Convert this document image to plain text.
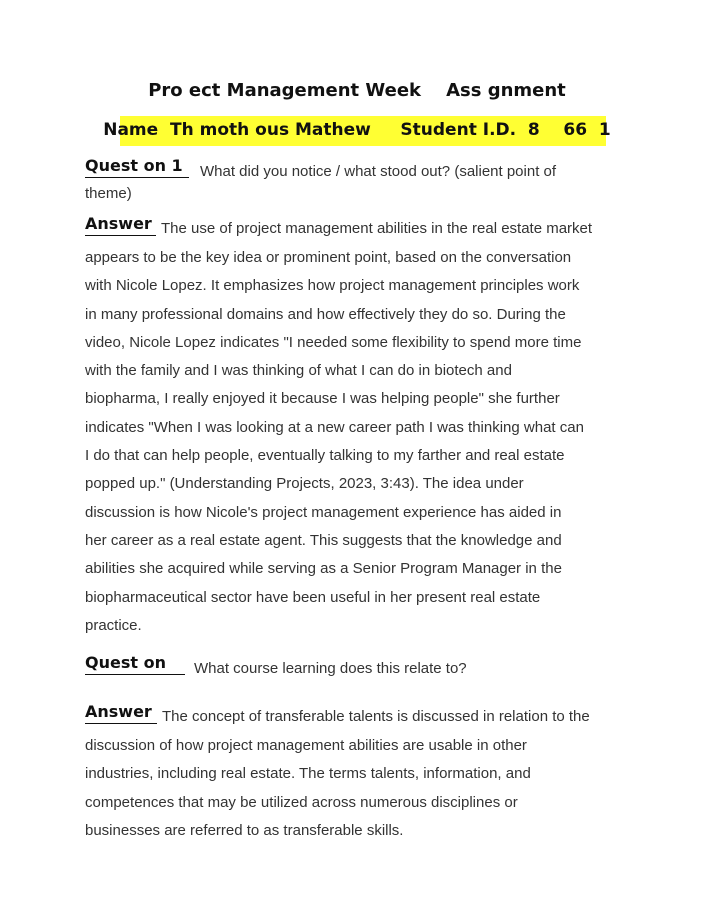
Pro ect Management Week    Ass gnment
Name  Th moth ous Mathew     Student I.D.  8    66  1
Quest on 1	What did you notice / what stood out? (salient point of
theme)
Answer The use of project management abilities in the real estate market
appears to be the key idea or prominent point, based on the conversation
with Nicole Lopez. It emphasizes how project management principles work
in many professional domains and how effectively they do so. During the
video, Nicole Lopez indicates "I needed some flexibility to spend more time
with the family and I was thinking of what I can do in biotech and
biopharma, I really enjoyed it because I was helping people" she further
indicates "When I was looking at a new career path I was thinking what can
I do that can help people, eventually talking to my farther and real estate
popped up." (Understanding Projects, 2023, 3:43). The idea under
discussion is how Nicole's project management experience has aided in
her career as a real estate agent. This suggests that the knowledge and
abilities she acquired while serving as a Senior Program Manager in the
biopharmaceutical sector have been useful in her present real estate
practice.
Quest on	What course learning does this relate to?
Answer The concept of transferable talents is discussed in relation to the
discussion of how project management abilities are usable in other
industries, including real estate. The terms talents, information, and
competences that may be utilized across numerous disciplines or
businesses are referred to as transferable skills.
